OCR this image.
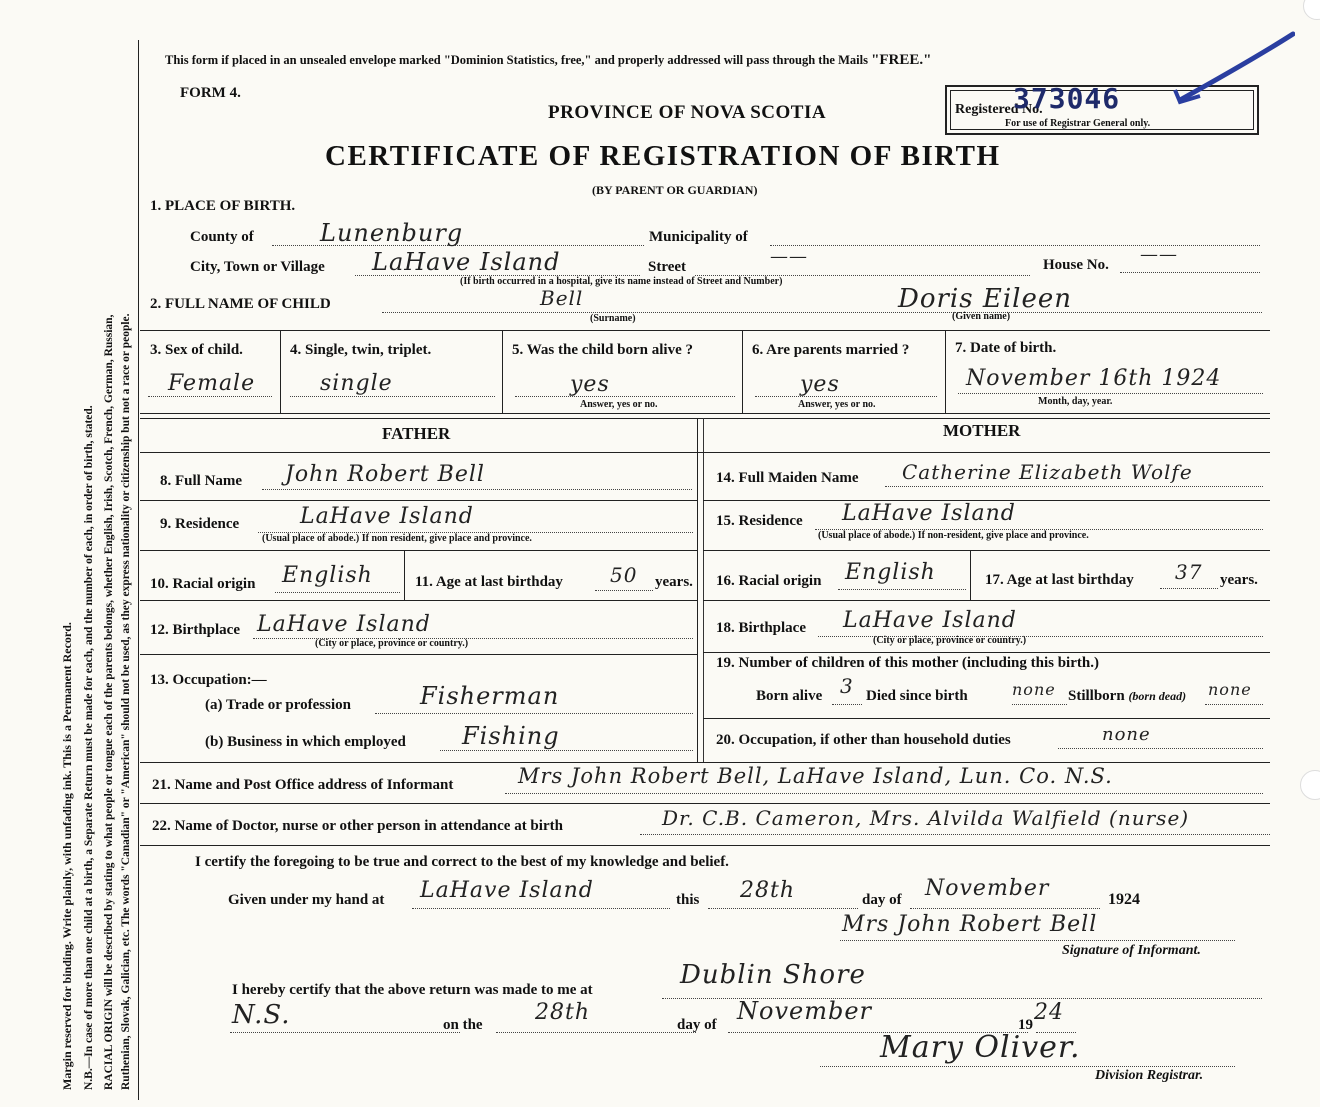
Margin reserved for binding. Write plainly, with unfading ink. This is a Permanent Record. N.B.—In case of more than one child at a birth, a Separate Return must be made for each, and the number of each, in order of birth, stated. RACIAL ORIGIN will be described by stating to what people or tongue each of the parents belongs, whether English, Irish, Scotch, French, German, Russian, Ruthenian, Slovak, Galician, etc. The words "Canadian" or "American" should not be used, as they express nationality or citizenship but not a race or people.
This form if placed in an unsealed envelope marked "Dominion Statistics, free," and properly addressed will pass through the Mails "FREE."
FORM 4.
PROVINCE OF NOVA SCOTIA
CERTIFICATE OF REGISTRATION OF BIRTH
(BY PARENT OR GUARDIAN)
Registered No.
373046
For use of Registrar General only.
1. PLACE OF BIRTH.
County of	Lunenburg	Municipality of
City, Town or Village LaHave Island	Street	——	House No. ——
(If birth occurred in a hospital, give its name instead of Street and Number)
2. FULL NAME OF CHILD	Bell
(Surname)
Doris Eileen
(Given name)
3. Sex of child.
Female
4. Single, twin, triplet.
single
5. Was the child born alive ?
yes
Answer, yes or no.
6. Are parents married ?
yes
Answer, yes or no.
7. Date of birth.
November 16th 1924
Month, day, year.
FATHER	MOTHER
8. Full Name John Robert Bell
9. Residence	LaHave Island
(Usual place of abode.) If non resident, give place and province.
10. Racial origin English	11. Age at last birthday 50 years.
12. Birthplace LaHave Island
(City or place, province or country.)
13. Occupation:—
(a) Trade or profession	Fisherman
(b) Business in which employed Fishing
14. Full Maiden Name Catherine Elizabeth Wolfe
15. Residence LaHave Island
(Usual place of abode.) If non-resident, give place and province.
16. Racial origin English	17. Age at last birthday 37 years.
18. Birthplace LaHave Island
(City or place, province or country.)
19. Number of children of this mother (including this birth.)
Born alive 3 Died since birth	none Stillborn (born dead) none
20. Occupation, if other than household duties	none
21. Name and Post Office address of Informant	Mrs John Robert Bell, LaHave Island, Lun. Co. N.S.
22. Name of Doctor, nurse or other person in attendance at birth	Dr. C.B. Cameron, Mrs. Alvilda Walfield (nurse)
I certify the foregoing to be true and correct to the best of my knowledge and belief.
Given under my hand at LaHave Island	this 28th	day of November	1924
Mrs John Robert Bell
Signature of Informant.
I hereby certify that the above return was made to me at	Dublin Shore
N.S.	on the 28th	day of November	19 24
Mary Oliver.
Division Registrar.
